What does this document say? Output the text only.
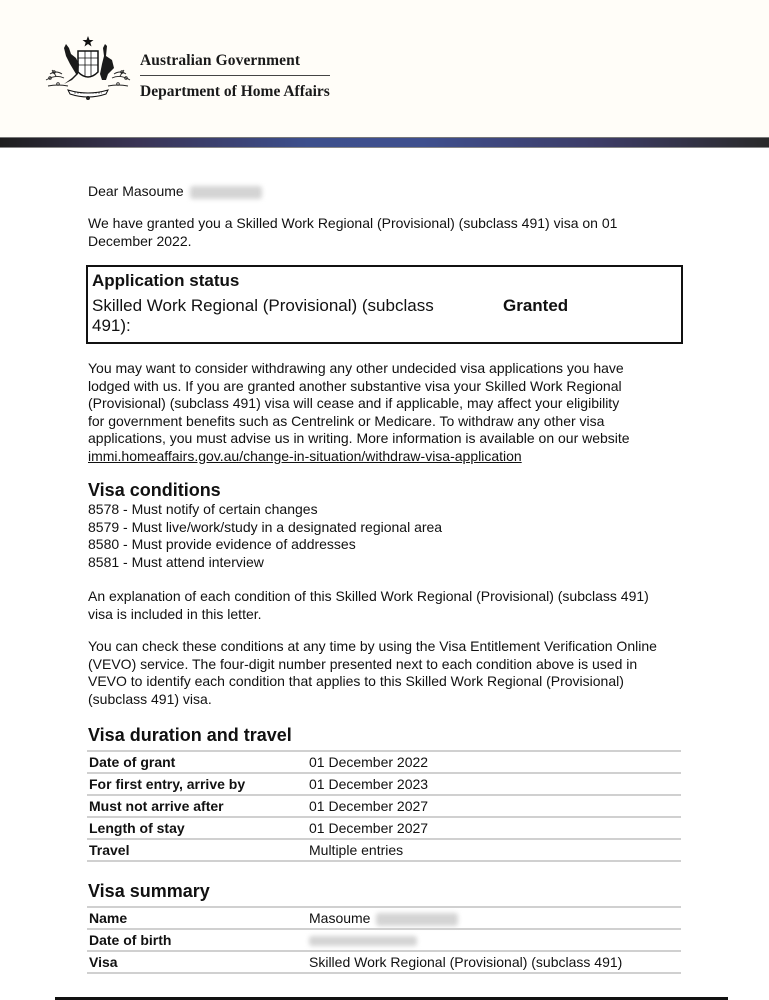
Australian Government
Department of Home Affairs
Dear Masoume
We have granted you a Skilled Work Regional (Provisional) (subclass 491) visa on 01
December 2022.
Application status
Skilled Work Regional (Provisional) (subclass
491):
Granted
You may want to consider withdrawing any other undecided visa applications you have
lodged with us. If you are granted another substantive visa your Skilled Work Regional
(Provisional) (subclass 491) visa will cease and if applicable, may affect your eligibility
for government benefits such as Centrelink or Medicare. To withdraw any other visa
applications, you must advise us in writing. More information is available on our website
immi.homeaffairs.gov.au/change-in-situation/withdraw-visa-application
Visa conditions
8578 - Must notify of certain changes
8579 - Must live/work/study in a designated regional area
8580 - Must provide evidence of addresses
8581 - Must attend interview
An explanation of each condition of this Skilled Work Regional (Provisional) (subclass 491)
visa is included in this letter.
You can check these conditions at any time by using the Visa Entitlement Verification Online
(VEVO) service. The four-digit number presented next to each condition above is used in
VEVO to identify each condition that applies to this Skilled Work Regional (Provisional)
(subclass 491) visa.
Visa duration and travel
Date of grant	01 December 2022
For first entry, arrive by	01 December 2023
Must not arrive after	01 December 2027
Length of stay	01 December 2027
Travel	Multiple entries
Visa summary
Name	Masoume
Date of birth
Visa	Skilled Work Regional (Provisional) (subclass 491)
